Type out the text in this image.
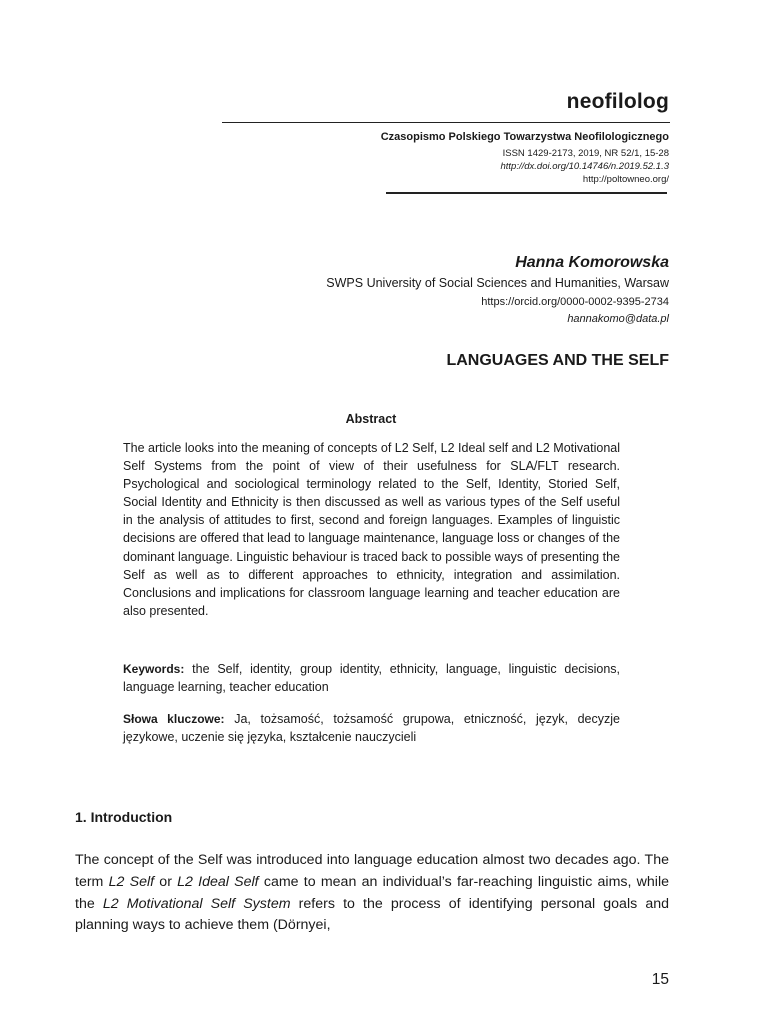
neofilolog
Czasopismo Polskiego Towarzystwa Neofilologicznego
ISSN 1429-2173, 2019, NR 52/1, 15-28
http://dx.doi.org/10.14746/n.2019.52.1.3
http://poltowneo.org/
Hanna Komorowska
SWPS University of Social Sciences and Humanities, Warsaw
https://orcid.org/0000-0002-9395-2734
hannakomo@data.pl
LANGUAGES AND THE SELF
Abstract

The article looks into the meaning of concepts of L2 Self, L2 Ideal self and L2 Motivational Self Systems from the point of view of their usefulness for SLA/FLT research. Psychological and sociological terminology related to the Self, Identity, Storied Self, Social Identity and Ethnicity is then discussed as well as various types of the Self useful in the analysis of attitudes to first, second and foreign languages. Examples of linguistic decisions are offered that lead to language maintenance, language loss or changes of the dominant language. Linguistic behaviour is traced back to possible ways of presenting the Self as well as to different approaches to ethnicity, integration and assimilation. Conclusions and implications for classroom language learning and teacher education are also presented.

Keywords: the Self, identity, group identity, ethnicity, language, linguistic decisions, language learning, teacher education

Słowa kluczowe: Ja, tożsamość, tożsamość grupowa, etniczność, język, decyzje językowe, uczenie się języka, kształcenie nauczycieli

1. Introduction

The concept of the Self was introduced into language education almost two decades ago. The term L2 Self or L2 Ideal Self came to mean an individual’s far-reaching linguistic aims, while the L2 Motivational Self System refers to the process of identifying personal goals and planning ways to achieve them (Dörnyei,

15
